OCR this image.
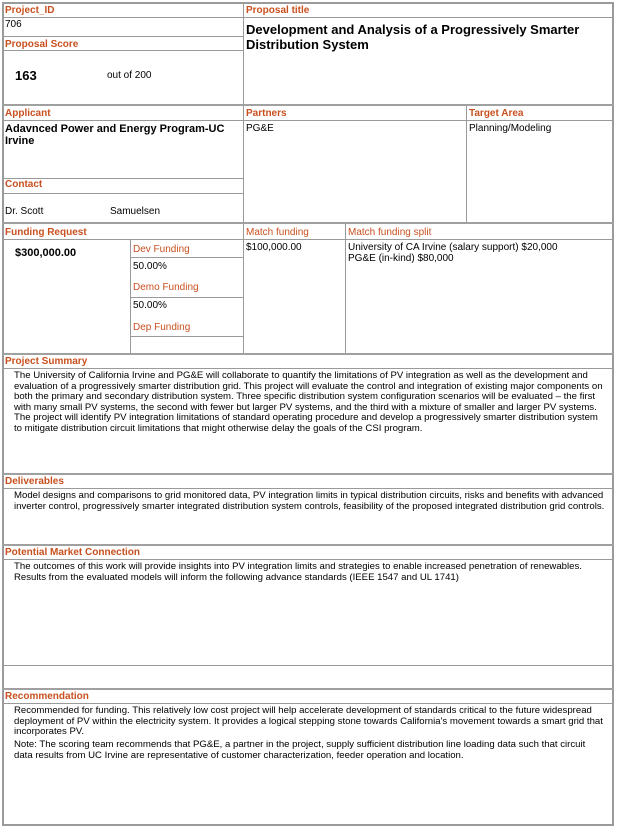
Project_ID
706
Proposal Score
163	out of 200
Proposal title
Development and Analysis of a Progressively Smarter Distribution System
Applicant
Adavnced Power and Energy Program-UC Irvine
Partners
PG&E
Target Area
Planning/Modeling
Contact
Dr. Scott	Samuelsen
Funding Request
$300,000.00	Dev Funding
50.00%
Demo Funding
50.00%
Dep Funding
Match funding
$100,000.00
Match funding split
University of CA Irvine (salary support) $20,000
PG&E (in-kind) $80,000
Project Summary
The University of California Irvine and PG&E will collaborate to quantify the limitations of PV integration as well as the development and evaluation of a progressively smarter distribution grid. This project will evaluate the control and integration of existing major components on both the primary and secondary distribution system. Three specific distribution system configuration scenarios will be evaluated – the first with many small PV systems, the second with fewer but larger PV systems, and the third with a mixture of smaller and larger PV systems. The project will identify PV integration limitations of standard operating procedure and develop a progressively smarter distribution system to mitigate distribution circuit limitations that might otherwise delay the goals of the CSI program.
Deliverables
Model designs and comparisons to grid monitored data, PV integration limits in typical distribution circuits, risks and benefits with advanced inverter control, progressively smarter integrated distribution system controls, feasibility of the proposed integrated distribution grid controls.
Potential Market Connection
The outcomes of this work will provide insights into PV integration limits and strategies to enable increased penetration of renewables. Results from the evaluated models will inform the following advance standards (IEEE 1547 and UL 1741)
Recommendation
Recommended for funding. This relatively low cost project will help accelerate development of standards critical to the future widespread deployment of PV within the electricity system. It provides a logical stepping stone towards California's movement towards a smart grid that incorporates PV.
Note: The scoring team recommends that PG&E, a partner in the project, supply sufficient distribution line loading data such that circuit data results from UC Irvine are representative of customer characterization, feeder operation and location.
